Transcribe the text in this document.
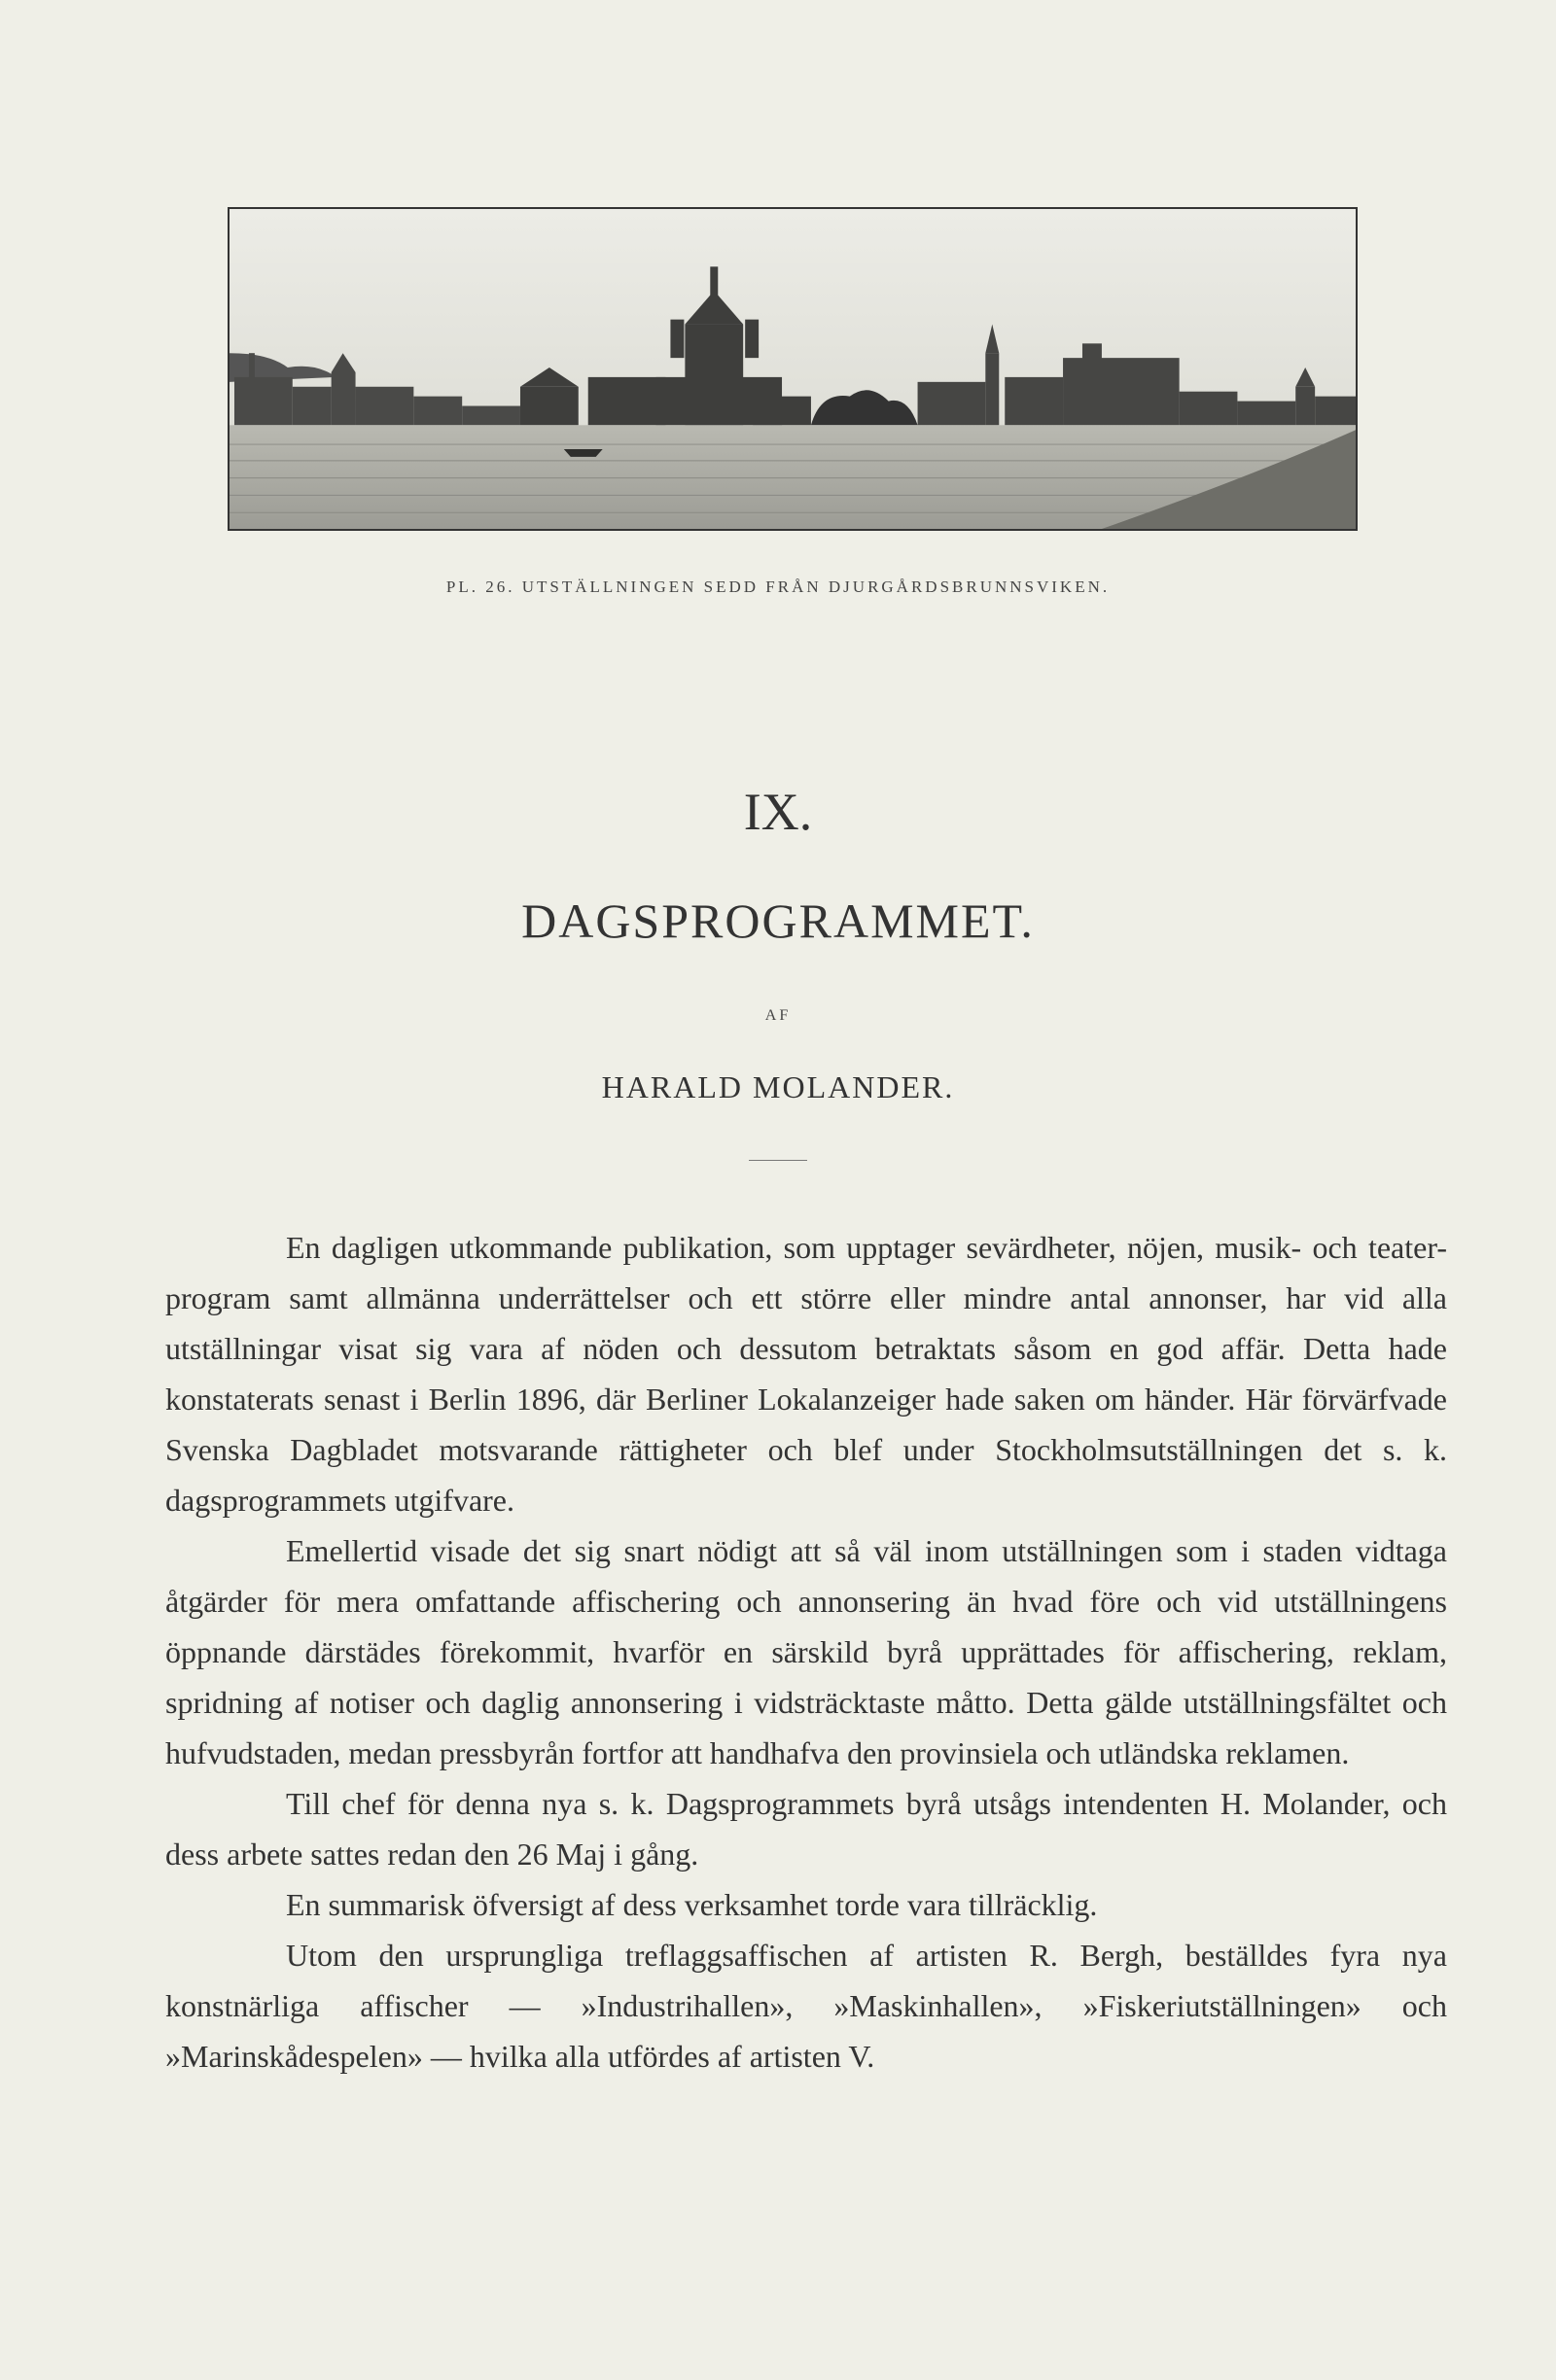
PL. 26. UTSTÄLLNINGEN SEDD FRÅN DJURGÅRDSBRUNNSVIKEN.
IX.
DAGSPROGRAMMET.
AF
HARALD MOLANDER.

En dagligen utkommande publikation, som upptager sevärdheter, nöjen, musik- och teater-program samt allmänna underrättelser och ett större eller mindre antal annonser, har vid alla utställningar visat sig vara af nöden och dessutom betraktats såsom en god affär. Detta hade konstaterats senast i Berlin 1896, där Berliner Lokalanzeiger hade saken om händer. Här förvärfvade Svenska Dagbladet motsvarande rättigheter och blef under Stockholmsutställningen det s. k. dagsprogrammets utgifvare.

Emellertid visade det sig snart nödigt att så väl inom utställningen som i staden vidtaga åtgärder för mera omfattande affischering och annonsering än hvad före och vid utställningens öppnande därstädes förekommit, hvarför en särskild byrå upprättades för affischering, reklam, spridning af notiser och daglig annonsering i vidsträcktaste måtto. Detta gälde utställningsfältet och hufvudstaden, medan pressbyrån fortfor att handhafva den provinsiela och utländska reklamen.

Till chef för denna nya s. k. Dagsprogrammets byrå utsågs intendenten H. Molander, och dess arbete sattes redan den 26 Maj i gång.

En summarisk öfversigt af dess verksamhet torde vara tillräcklig.

Utom den ursprungliga treflaggsaffischen af artisten R. Bergh, beställdes fyra nya konstnärliga affischer — »Industrihallen», »Maskinhallen», »Fiskeriutställningen» och »Marinskådespelen» — hvilka alla utfördes af artisten V.
